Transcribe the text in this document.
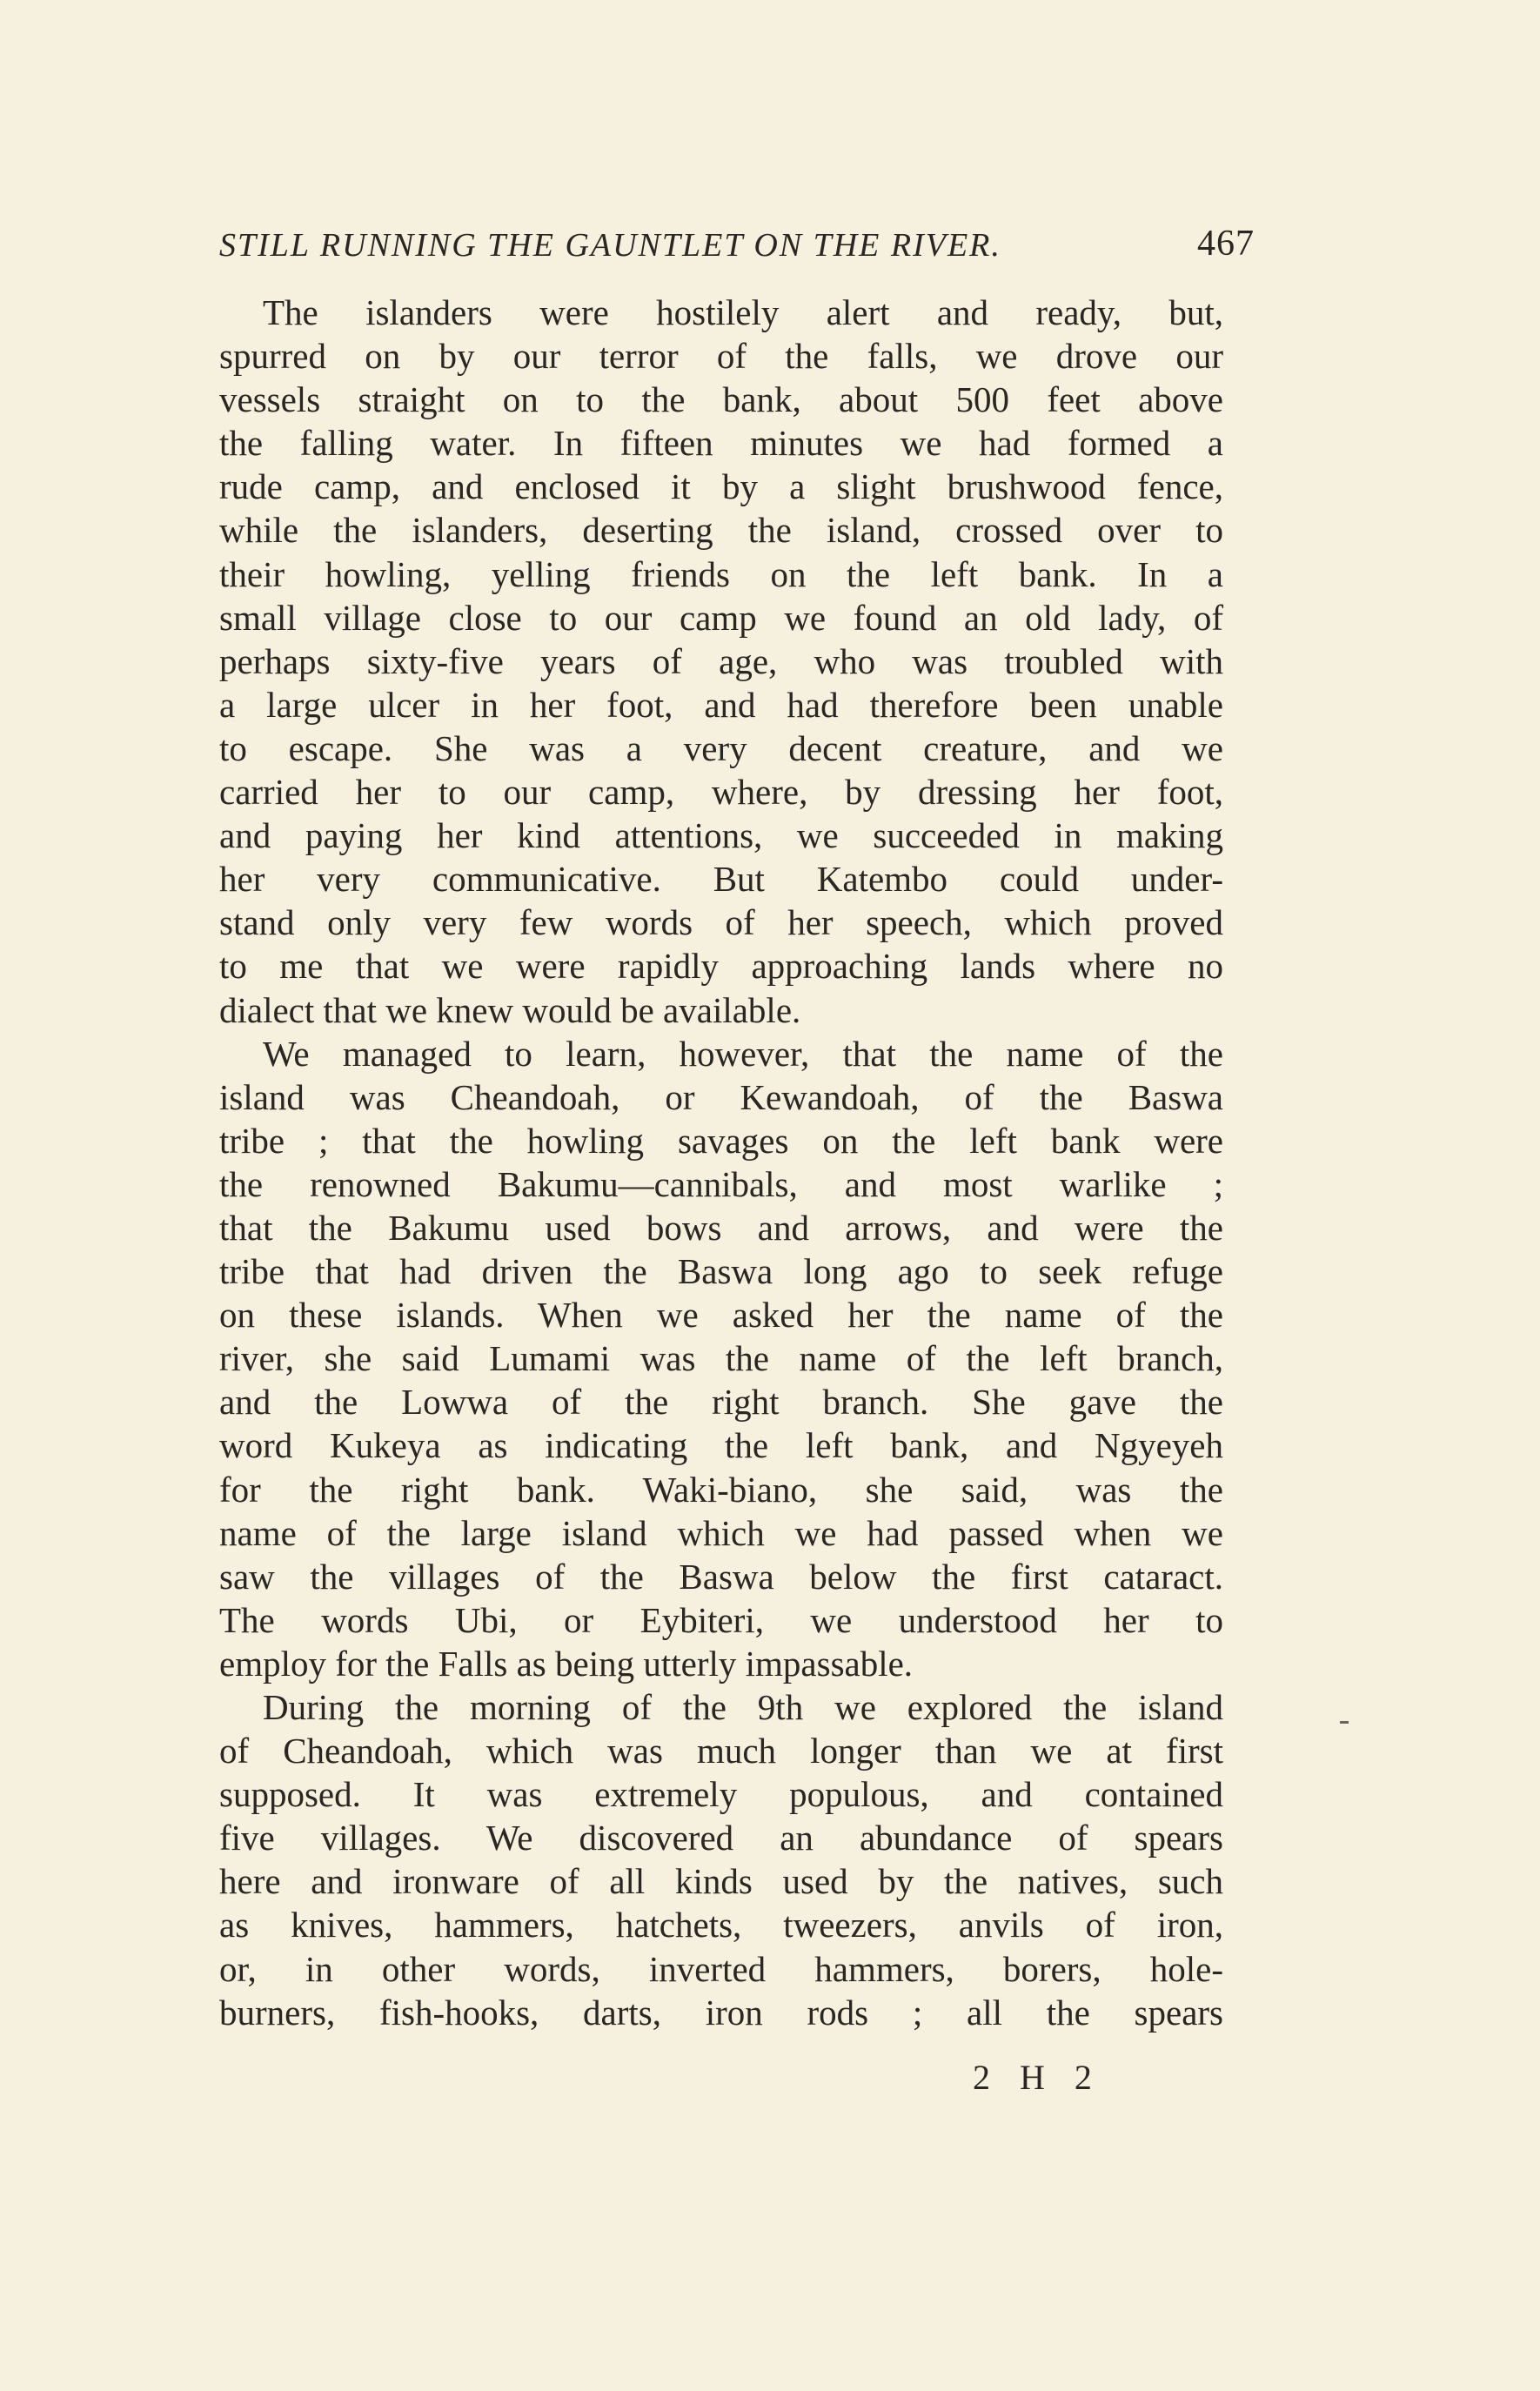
STILL RUNNING THE GAUNTLET ON THE RIVER.	467
The islanders were hostilely alert and ready, but,
spurred on by our terror of the falls, we drove our
vessels straight on to the bank, about 500 feet above
the falling water. In fifteen minutes we had formed a
rude camp, and enclosed it by a slight brushwood fence,
while the islanders, deserting the island, crossed over to
their howling, yelling friends on the left bank. In a
small village close to our camp we found an old lady, of
perhaps sixty-five years of age, who was troubled with
a large ulcer in her foot, and had therefore been unable
to escape. She was a very decent creature, and we
carried her to our camp, where, by dressing her foot,
and paying her kind attentions, we succeeded in making
her very communicative. But Katembo could under-
stand only very few words of her speech, which proved
to me that we were rapidly approaching lands where no
dialect that we knew would be available.
We managed to learn, however, that the name of the
island was Cheandoah, or Kewandoah, of the Baswa
tribe ; that the howling savages on the left bank were
the renowned Bakumu—cannibals, and most warlike ;
that the Bakumu used bows and arrows, and were the
tribe that had driven the Baswa long ago to seek refuge
on these islands. When we asked her the name of the
river, she said Lumami was the name of the left branch,
and the Lowwa of the right branch. She gave the
word Kukeya as indicating the left bank, and Ngyeyeh
for the right bank. Waki-biano, she said, was the
name of the large island which we had passed when we
saw the villages of the Baswa below the first cataract.
The words Ubi, or Eybiteri, we understood her to
employ for the Falls as being utterly impassable.
During the morning of the 9th we explored the island
of Cheandoah, which was much longer than we at first
supposed. It was extremely populous, and contained
five villages. We discovered an abundance of spears
here and ironware of all kinds used by the natives, such
as knives, hammers, hatchets, tweezers, anvils of iron,
or, in other words, inverted hammers, borers, hole-
burners, fish-hooks, darts, iron rods ; all the spears
2 H 2
